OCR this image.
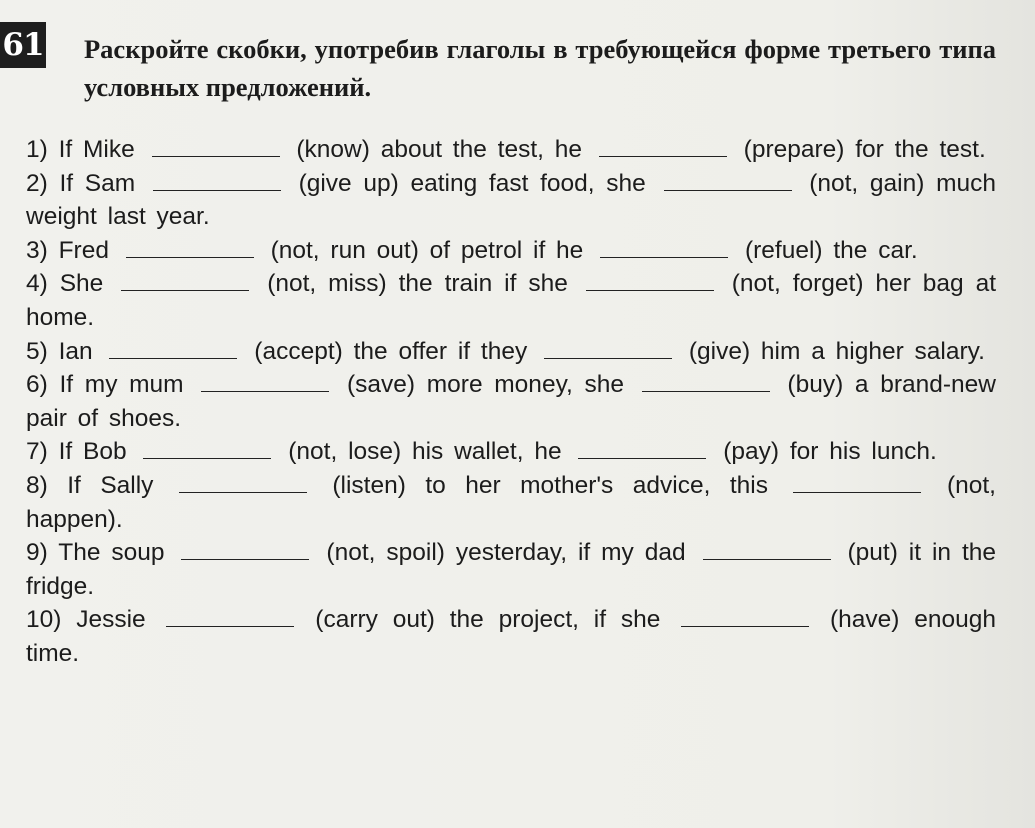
61 Раскройте скобки, употребив глаголы в требующейся форме третьего типа условных предложений.
1) If Mike	(know) about the test, he	(prepare) for the test.
2) If Sam	(give up) eating fast food, she	(not, gain) much weight last year.
3) Fred	(not, run out) of petrol if he	(refuel) the car.
4) She	(not, miss) the train if she	(not, forget) her bag at home.
5) Ian	(accept) the offer if they	(give) him a higher salary.
6) If my mum	(save) more money, she	(buy) a brand-new pair of shoes.
7) If Bob	(not, lose) his wallet, he	(pay) for his lunch.
8) If Sally	(listen) to her mother's advice, this	(not, happen).
9) The soup	(not, spoil) yesterday, if my dad	(put) it in the fridge.
10) Jessie	(carry out) the project, if she	(have) enough time.
